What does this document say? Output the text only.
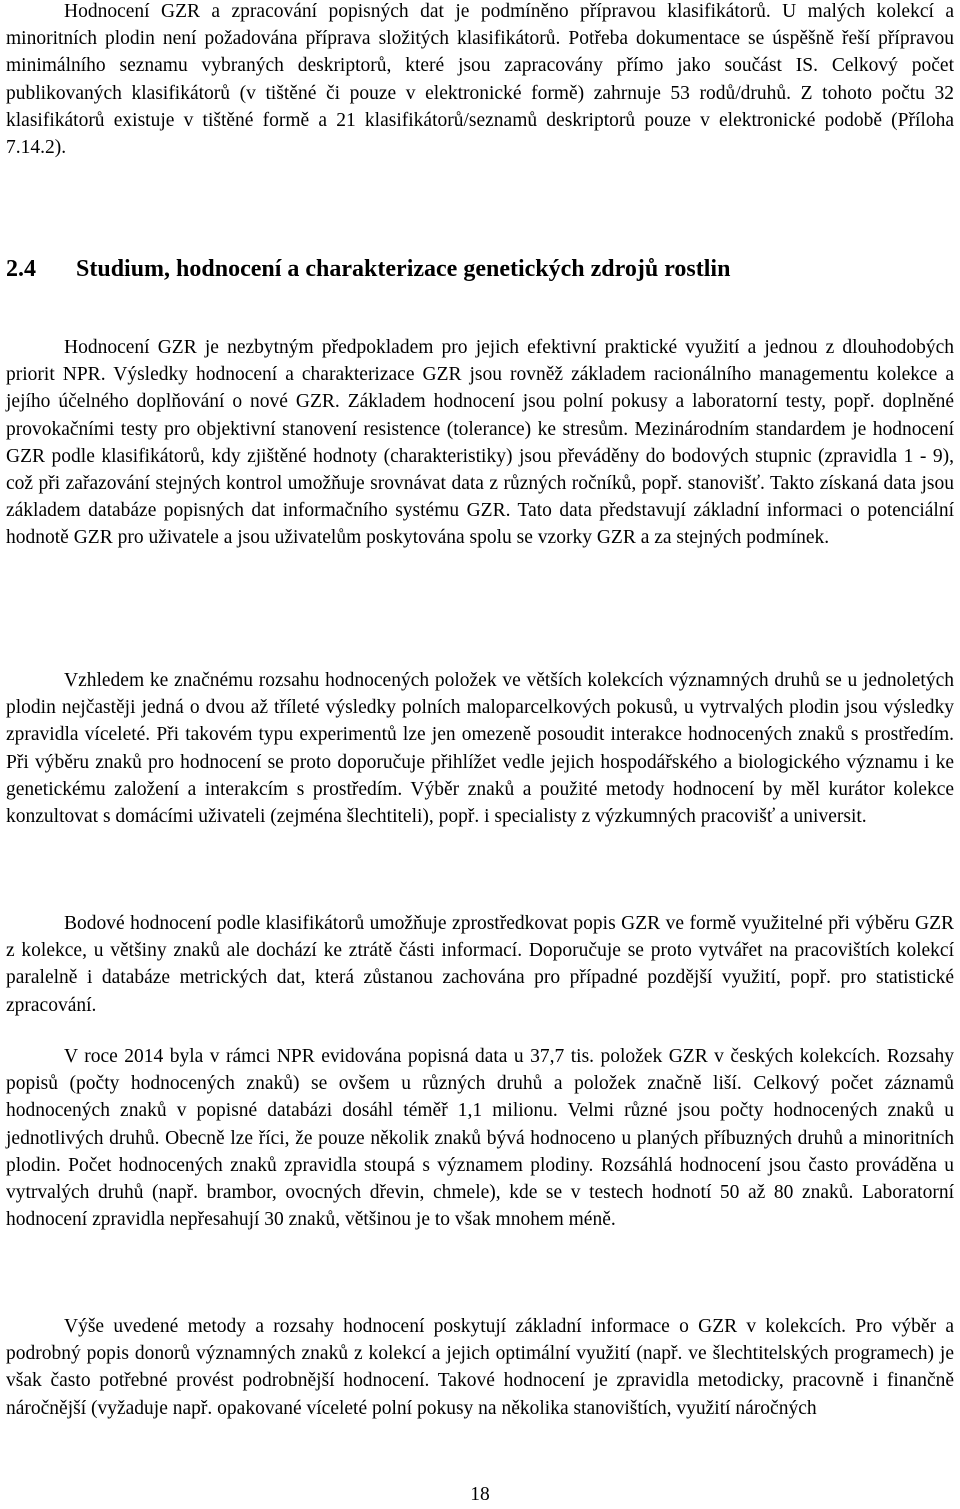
Hodnocení GZR a zpracování popisných dat je podmíněno přípravou klasifikátorů. U malých kolekcí a minoritních plodin není požadována příprava složitých klasifikátorů. Potřeba dokumentace se úspěšně řeší přípravou minimálního seznamu vybraných deskriptorů, které jsou zapracovány přímo jako součást IS. Celkový počet publikovaných klasifikátorů (v tištěné či pouze v elektronické formě) zahrnuje 53 rodů/druhů. Z tohoto počtu 32 klasifikátorů existuje v tištěné formě a 21 klasifikátorů/seznamů deskriptorů pouze v elektronické podobě (Příloha 7.14.2).

2.4 Studium, hodnocení a charakterizace genetických zdrojů rostlin

Hodnocení GZR je nezbytným předpokladem pro jejich efektivní praktické využití a jednou z dlouhodobých priorit NPR. Výsledky hodnocení a charakterizace GZR jsou rovněž základem racionálního managementu kolekce a jejího účelného doplňování o nové GZR. Základem hodnocení jsou polní pokusy a laboratorní testy, popř. doplněné provokačními testy pro objektivní stanovení resistence (tolerance) ke stresům. Mezinárodním standardem je hodnocení GZR podle klasifikátorů, kdy zjištěné hodnoty (charakteristiky) jsou převáděny do bodových stupnic (zpravidla 1 - 9), což při zařazování stejných kontrol umožňuje srovnávat data z různých ročníků, popř. stanovišť. Takto získaná data jsou základem databáze popisných dat informačního systému GZR. Tato data představují základní informaci o potenciální hodnotě GZR pro uživatele a jsou uživatelům poskytována spolu se vzorky GZR a za stejných podmínek.

Vzhledem ke značnému rozsahu hodnocených položek ve větších kolekcích významných druhů se u jednoletých plodin nejčastěji jedná o dvou až tříleté výsledky polních maloparcelkových pokusů, u vytrvalých plodin jsou výsledky zpravidla víceleté. Při takovém typu experimentů lze jen omezeně posoudit interakce hodnocených znaků s prostředím. Při výběru znaků pro hodnocení se proto doporučuje přihlížet vedle jejich hospodářského a biologického významu i ke genetickému založení a interakcím s prostředím. Výběr znaků a použité metody hodnocení by měl kurátor kolekce konzultovat s domácími uživateli (zejména šlechtiteli), popř. i specialisty z výzkumných pracovišť a universit.

Bodové hodnocení podle klasifikátorů umožňuje zprostředkovat popis GZR ve formě využitelné při výběru GZR z kolekce, u většiny znaků ale dochází ke ztrátě části informací. Doporučuje se proto vytvářet na pracovištích kolekcí paralelně i databáze metrických dat, která zůstanou zachována pro případné pozdější využití, popř. pro statistické zpracování.

V roce 2014 byla v rámci NPR evidována popisná data u 37,7 tis. položek GZR v českých kolekcích. Rozsahy popisů (počty hodnocených znaků) se ovšem u různých druhů a položek značně liší. Celkový počet záznamů hodnocených znaků v popisné databázi dosáhl téměř 1,1 milionu. Velmi různé jsou počty hodnocených znaků u jednotlivých druhů. Obecně lze říci, že pouze několik znaků bývá hodnoceno u planých příbuzných druhů a minoritních plodin. Počet hodnocených znaků zpravidla stoupá s významem plodiny. Rozsáhlá hodnocení jsou často prováděna u vytrvalých druhů (např. brambor, ovocných dřevin, chmele), kde se v testech hodnotí 50 až 80 znaků. Laboratorní hodnocení zpravidla nepřesahují 30 znaků, většinou je to však mnohem méně.

Výše uvedené metody a rozsahy hodnocení poskytují základní informace o GZR v kolekcích. Pro výběr a podrobný popis donorů významných znaků z kolekcí a jejich optimální využití (např. ve šlechtitelských programech) je však často potřebné provést podrobnější hodnocení. Takové hodnocení je zpravidla metodicky, pracovně i finančně náročnější (vyžaduje např. opakované víceleté polní pokusy na několika stanovištích, využití náročných

18
